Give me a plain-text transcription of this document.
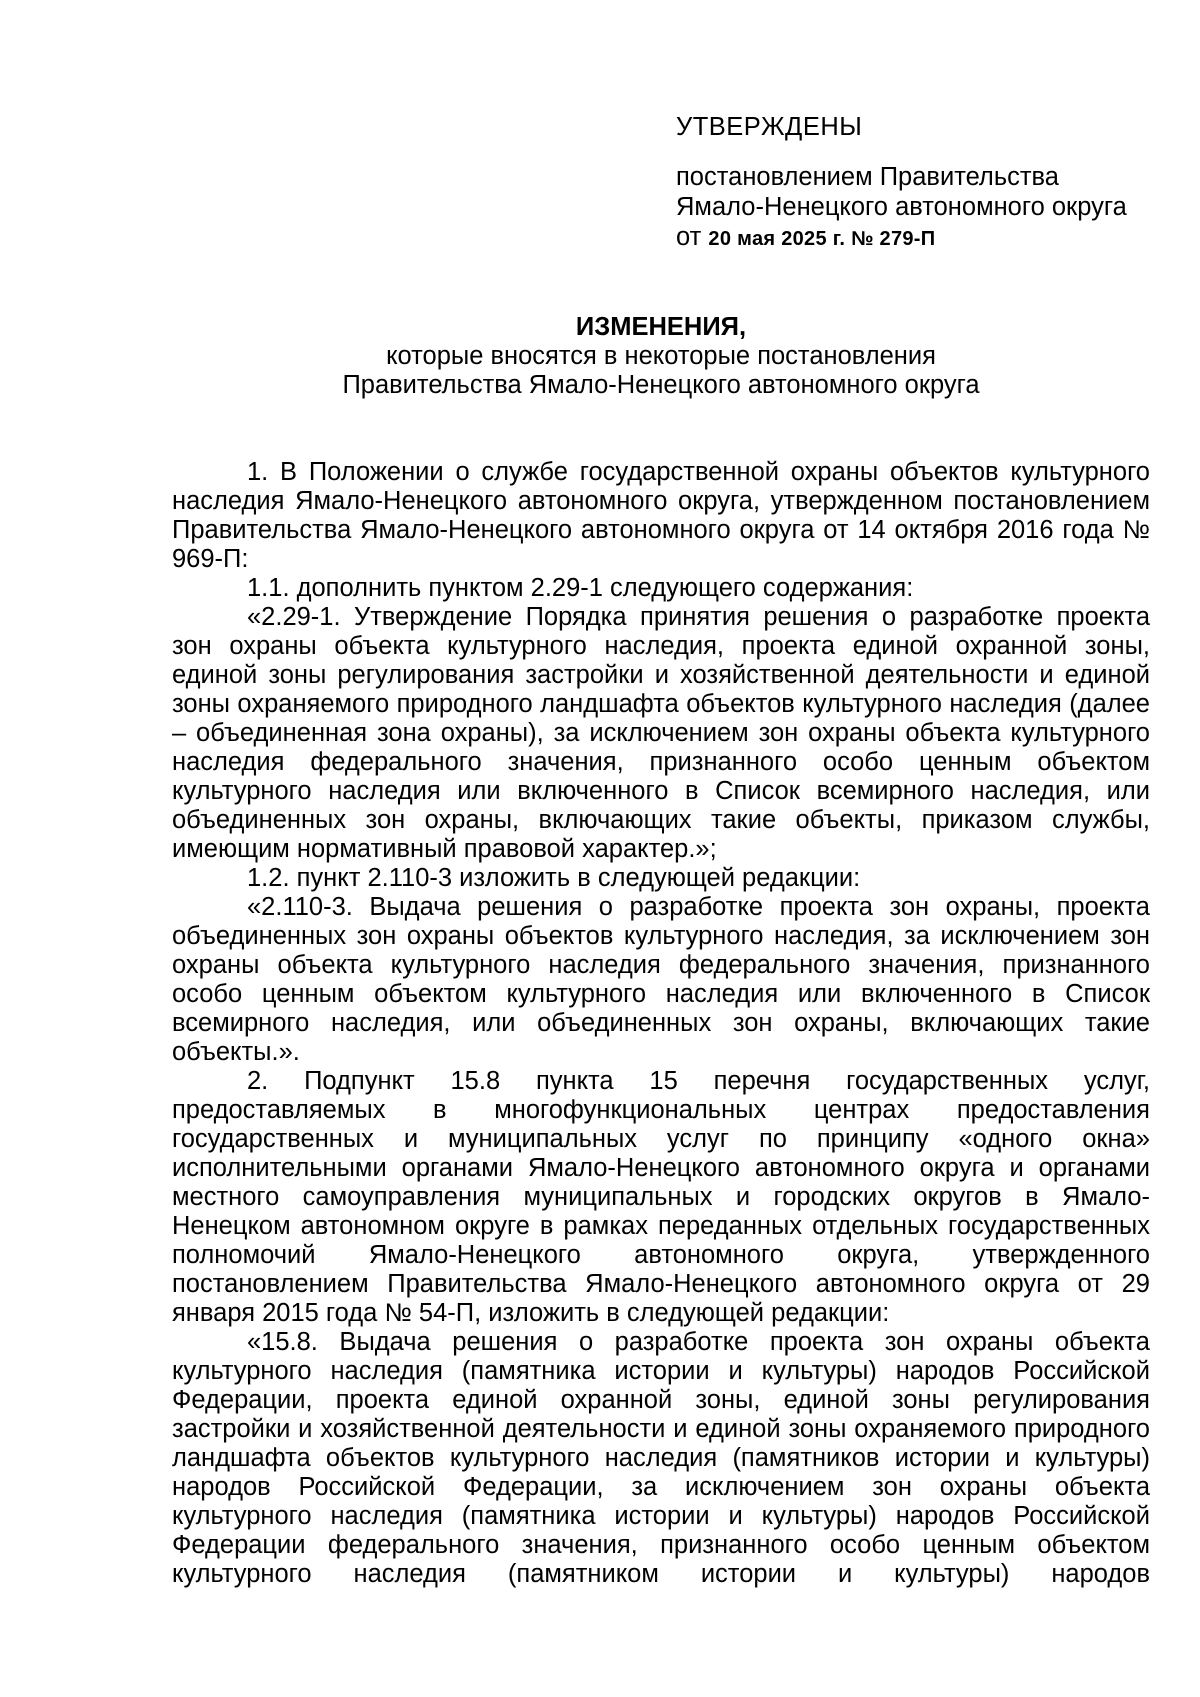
УТВЕРЖДЕНЫ

постановлением Правительства

Ямало-Ненецкого автономного округа

от 20 мая 2025 г. № 279-П

ИЗМЕНЕНИЯ,

которые вносятся в некоторые постановления

Правительства Ямало-Ненецкого автономного округа

1. В Положении о службе государственной охраны объектов культурного наследия Ямало-Ненецкого автономного округа, утвержденном постановлением Правительства Ямало-Ненецкого автономного округа от 14 октября 2016 года № 969-П:

1.1. дополнить пунктом 2.29-1 следующего содержания:

«2.29-1. Утверждение Порядка принятия решения о разработке проекта зон охраны объекта культурного наследия, проекта единой охранной зоны, единой зоны регулирования застройки и хозяйственной деятельности и единой зоны охраняемого природного ландшафта объектов культурного наследия (далее – объединенная зона охраны), за исключением зон охраны объекта культурного наследия федерального значения, признанного особо ценным объектом культурного наследия или включенного в Список всемирного наследия, или объединенных зон охраны, включающих такие объекты, приказом службы, имеющим нормативный правовой характер.»;

1.2. пункт 2.110-3 изложить в следующей редакции:

«2.110-3. Выдача решения о разработке проекта зон охраны, проекта объединенных зон охраны объектов культурного наследия, за исключением зон охраны объекта культурного наследия федерального значения, признанного особо ценным объектом культурного наследия или включенного в Список всемирного наследия, или объединенных зон охраны, включающих такие объекты.».

2. Подпункт 15.8 пункта 15 перечня государственных услуг, предоставляемых в многофункциональных центрах предоставления государственных и муниципальных услуг по принципу «одного окна» исполнительными органами Ямало-Ненецкого автономного округа и органами местного самоуправления муниципальных и городских округов в Ямало-Ненецком автономном округе в рамках переданных отдельных государственных полномочий Ямало-Ненецкого автономного округа, утвержденного постановлением Правительства Ямало-Ненецкого автономного округа от 29 января 2015 года № 54-П, изложить в следующей редакции:

«15.8. Выдача решения о разработке проекта зон охраны объекта культурного наследия (памятника истории и культуры) народов Российской Федерации, проекта единой охранной зоны, единой зоны регулирования застройки и хозяйственной деятельности и единой зоны охраняемого природного ландшафта объектов культурного наследия (памятников истории и культуры) народов Российской Федерации, за исключением зон охраны объекта культурного наследия (памятника истории и культуры) народов Российской Федерации федерального значения, признанного особо ценным объектом культурного наследия (памятником истории и культуры) народов
